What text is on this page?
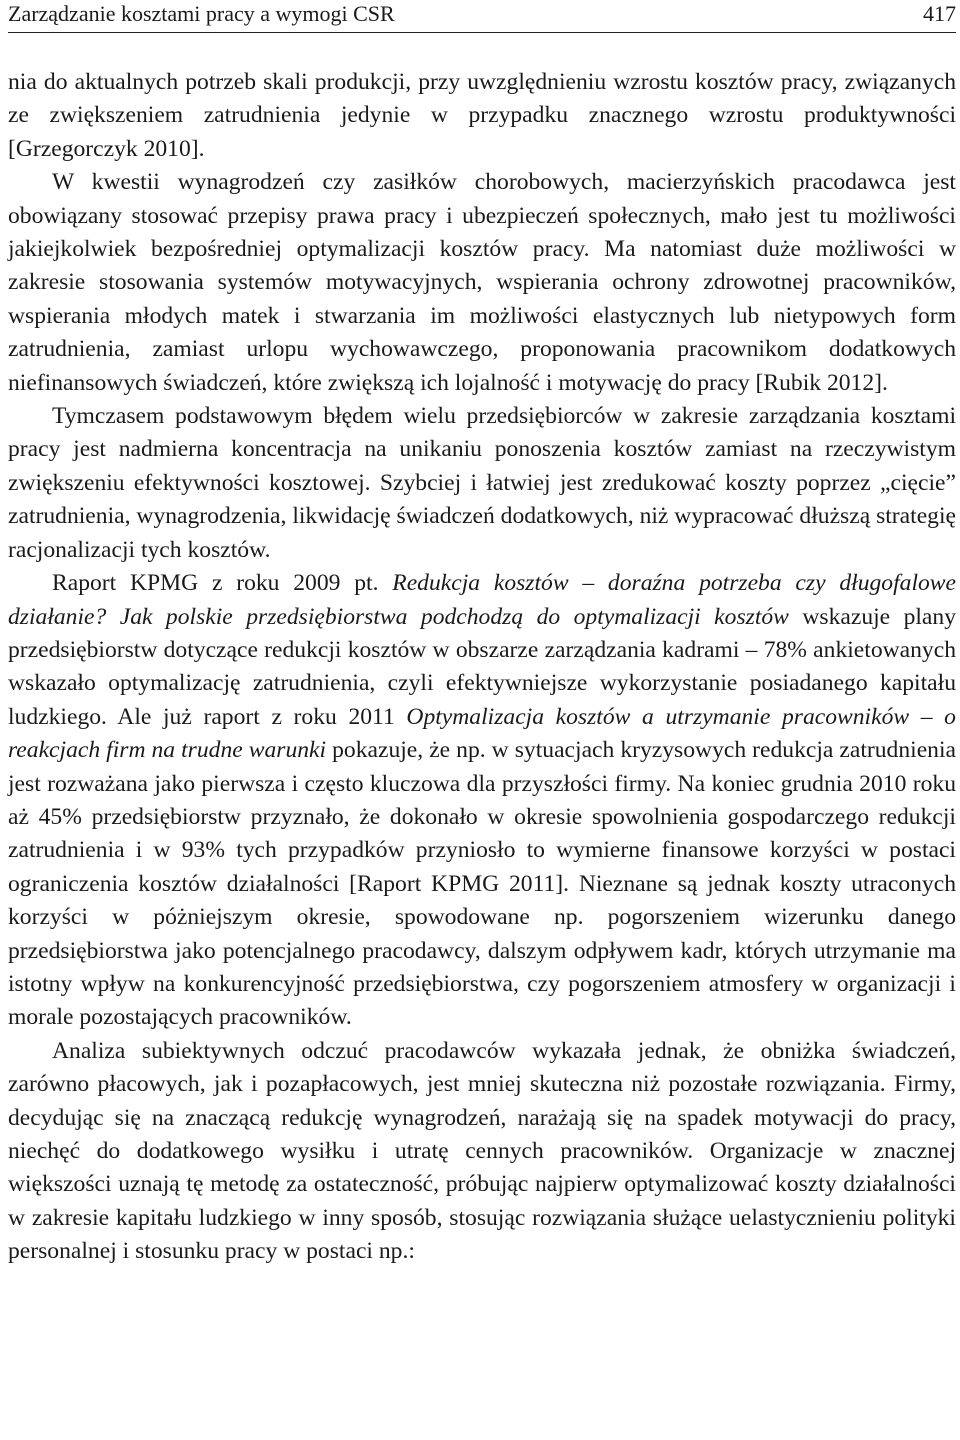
Zarządzanie kosztami pracy a wymogi CSR	417

nia do aktualnych potrzeb skali produkcji, przy uwzględnieniu wzrostu kosztów pracy, związanych ze zwiększeniem zatrudnienia jedynie w przypadku znacznego wzrostu produktywności [Grzegorczyk 2010].

W kwestii wynagrodzeń czy zasiłków chorobowych, macierzyńskich pracodawca jest obowiązany stosować przepisy prawa pracy i ubezpieczeń społecznych, mało jest tu możliwości jakiejkolwiek bezpośredniej optymalizacji kosztów pracy. Ma natomiast duże możliwości w zakresie stosowania systemów motywacyjnych, wspierania ochrony zdrowotnej pracowników, wspierania młodych matek i stwarzania im możliwości elastycznych lub nietypowych form zatrudnienia, zamiast urlopu wychowawczego, proponowania pracownikom dodatkowych niefinansowych świadczeń, które zwiększą ich lojalność i motywację do pracy [Rubik 2012].

Tymczasem podstawowym błędem wielu przedsiębiorców w zakresie zarządzania kosztami pracy jest nadmierna koncentracja na unikaniu ponoszenia kosztów zamiast na rzeczywistym zwiększeniu efektywności kosztowej. Szybciej i łatwiej jest zredukować koszty poprzez „cięcie” zatrudnienia, wynagrodzenia, likwidację świadczeń dodatkowych, niż wypracować dłuższą strategię racjonalizacji tych kosztów.

Raport KPMG z roku 2009 pt. Redukcja kosztów – doraźna potrzeba czy długofalowe działanie? Jak polskie przedsiębiorstwa podchodzą do optymalizacji kosztów wskazuje plany przedsiębiorstw dotyczące redukcji kosztów w obszarze zarządzania kadrami – 78% ankietowanych wskazało optymalizację zatrudnienia, czyli efektywniejsze wykorzystanie posiadanego kapitału ludzkiego. Ale już raport z roku 2011 Optymalizacja kosztów a utrzymanie pracowników – o reakcjach firm na trudne warunki pokazuje, że np. w sytuacjach kryzysowych redukcja zatrudnienia jest rozważana jako pierwsza i często kluczowa dla przyszłości firmy. Na koniec grudnia 2010 roku aż 45% przedsiębiorstw przyznało, że dokonało w okresie spowolnienia gospodarczego redukcji zatrudnienia i w 93% tych przypadków przyniosło to wymierne finansowe korzyści w postaci ograniczenia kosztów działalności [Raport KPMG 2011]. Nieznane są jednak koszty utraconych korzyści w póżniejszym okresie, spowodowane np. pogorszeniem wizerunku danego przedsiębiorstwa jako potencjalnego pracodawcy, dalszym odpływem kadr, których utrzymanie ma istotny wpływ na konkurencyjność przedsiębiorstwa, czy pogorszeniem atmosfery w organizacji i morale pozostających pracowników.

Analiza subiektywnych odczuć pracodawców wykazała jednak, że obniżka świadczeń, zarówno płacowych, jak i pozapłacowych, jest mniej skuteczna niż pozostałe rozwiązania. Firmy, decydując się na znaczącą redukcję wynagrodzeń, narażają się na spadek motywacji do pracy, niechęć do dodatkowego wysiłku i utratę cennych pracowników. Organizacje w znacznej większości uznają tę metodę za ostateczność, próbując najpierw optymalizować koszty działalności w zakresie kapitału ludzkiego w inny sposób, stosując rozwiązania służące uelastycznieniu polityki personalnej i stosunku pracy w postaci np.:
